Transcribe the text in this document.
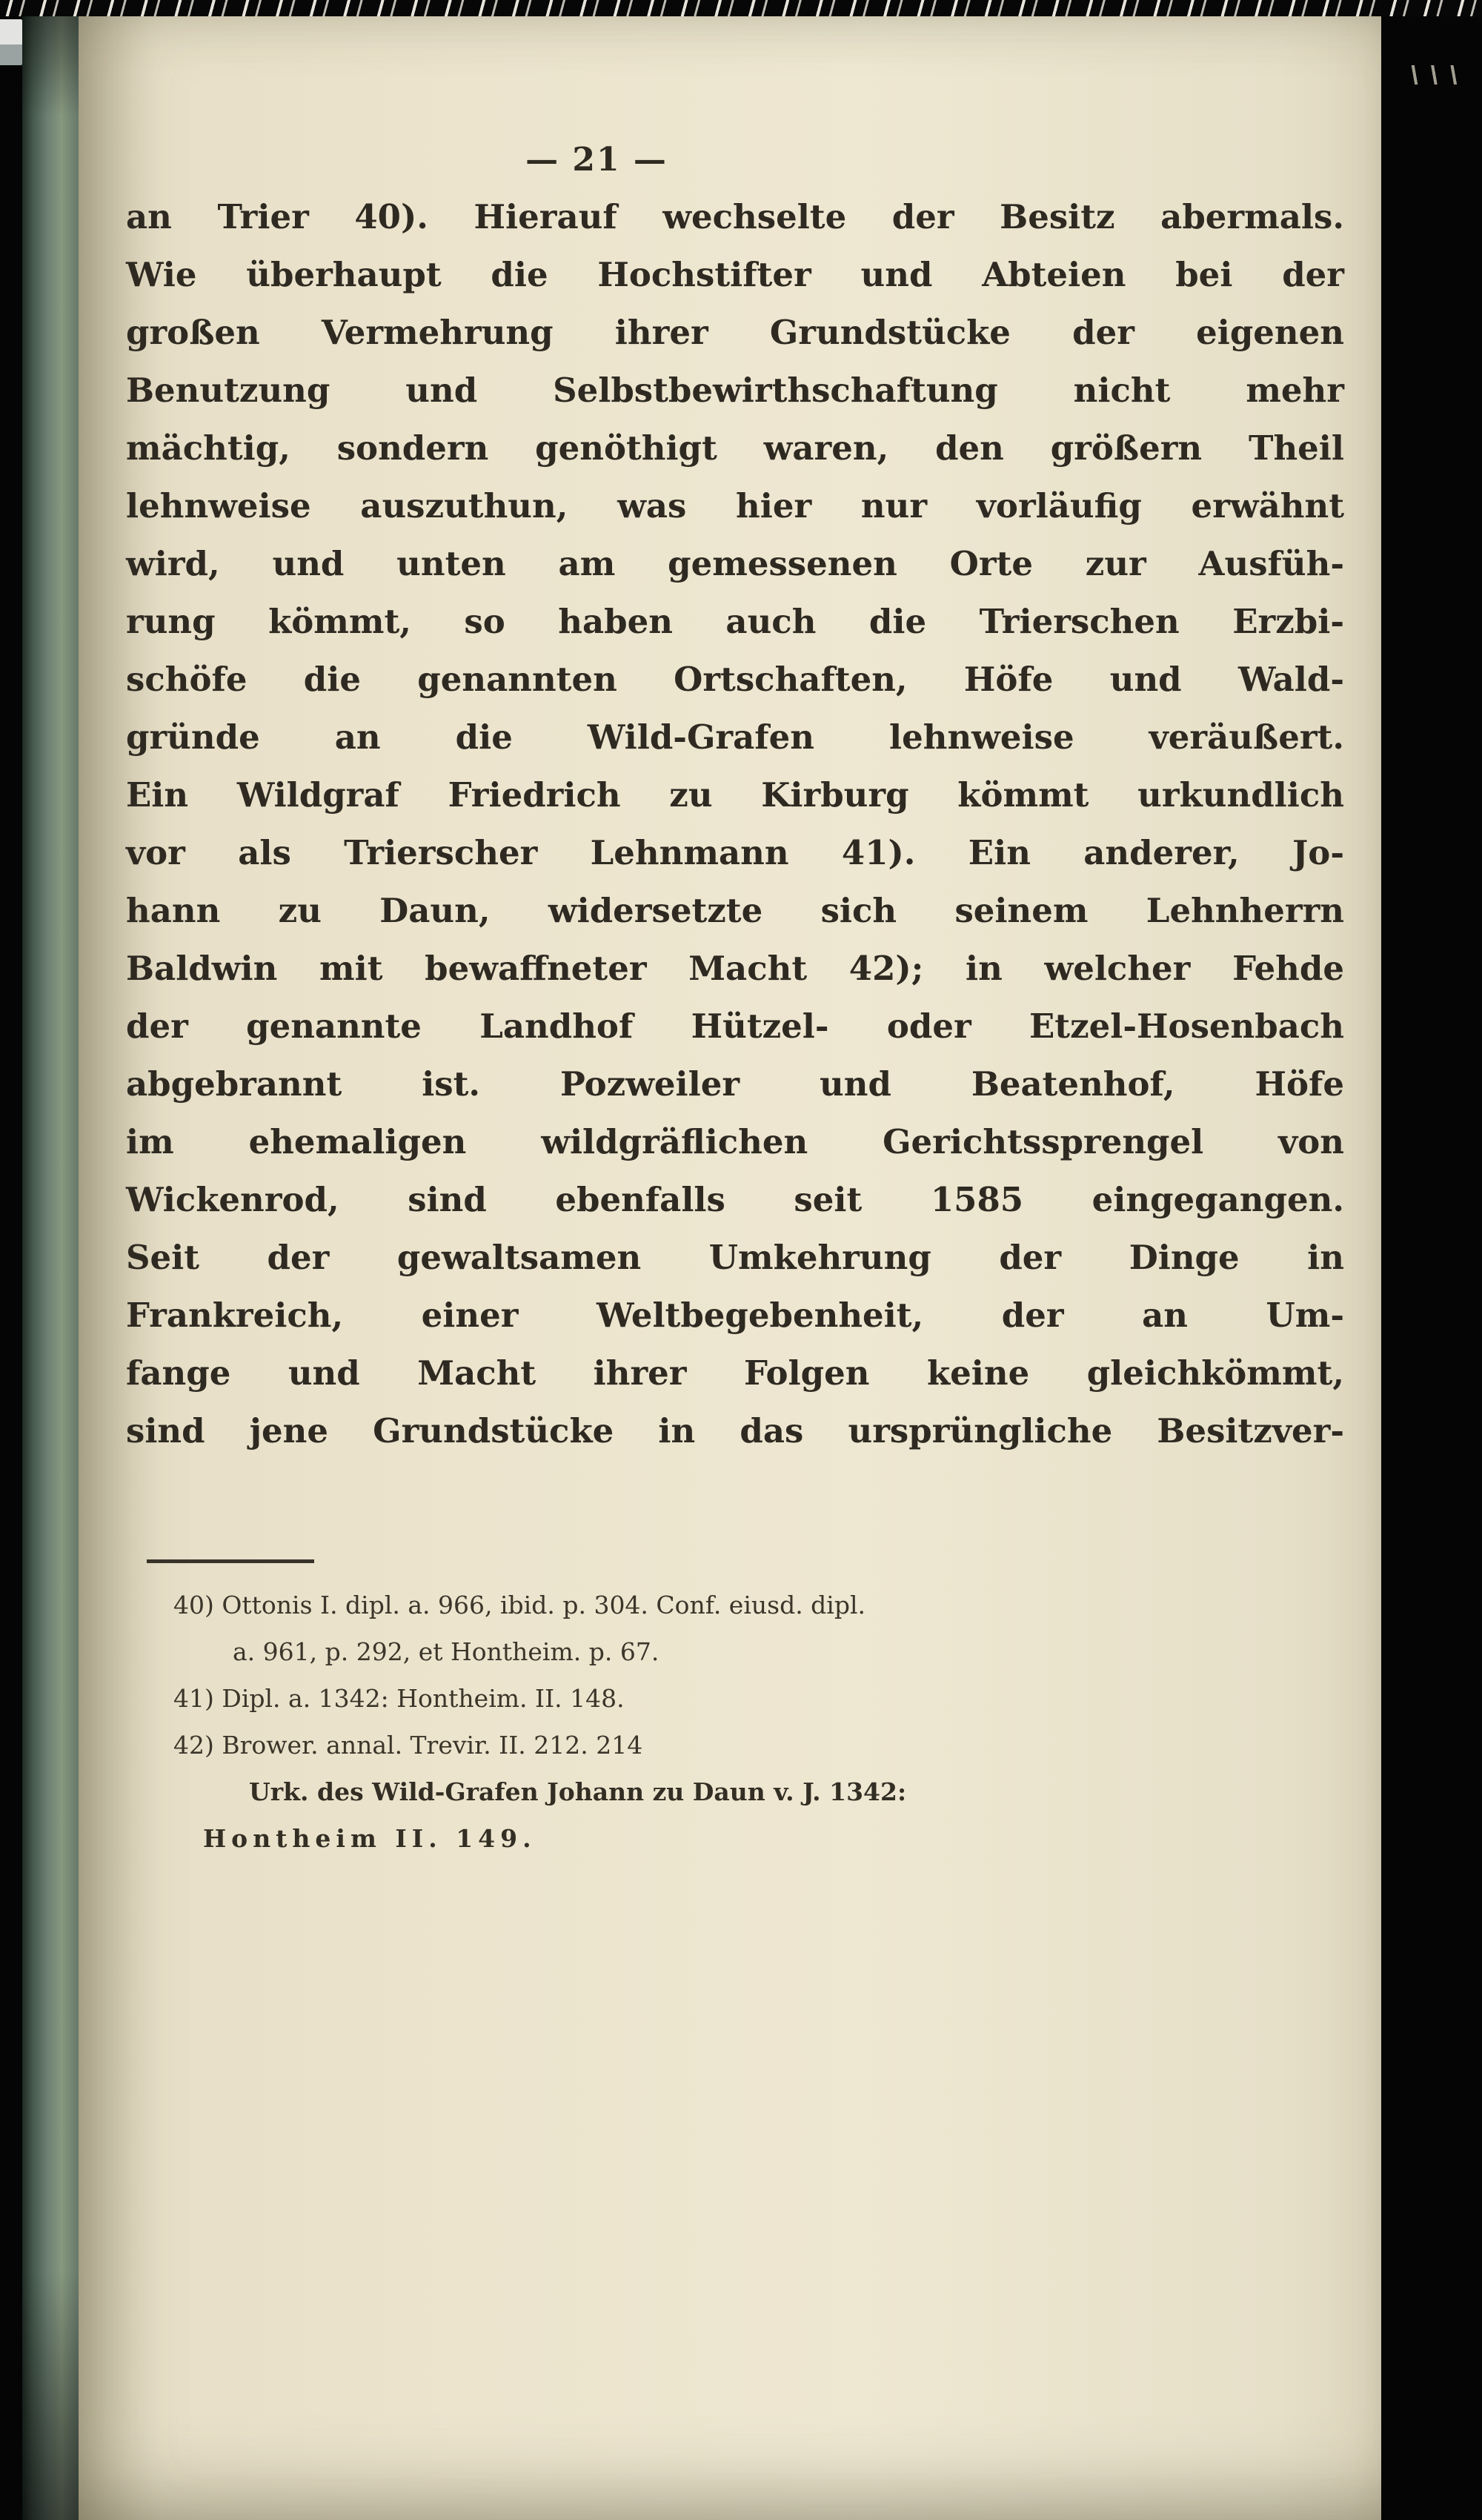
— 21 —
an Trier 40). Hierauf wechselte der Besitz abermals.
Wie überhaupt die Hochstifter und Abteien bei der
großen Vermehrung ihrer Grundstücke der eigenen
Benutzung und Selbstbewirthschaftung nicht mehr
mächtig, sondern genöthigt waren, den größern Theil
lehnweise auszuthun, was hier nur vorläufig erwähnt
wird, und unten am gemessenen Orte zur Ausfüh-
rung kömmt, so haben auch die Trierschen Erzbi-
schöfe die genannten Ortschaften, Höfe und Wald-
gründe an die Wild-Grafen lehnweise veräußert.
Ein Wildgraf Friedrich zu Kirburg kömmt urkundlich
vor als Trierscher Lehnmann 41). Ein anderer, Jo-
hann zu Daun, widersetzte sich seinem Lehnherrn
Baldwin mit bewaffneter Macht 42); in welcher Fehde
der genannte Landhof Hützel- oder Etzel-Hosenbach
abgebrannt ist. Pozweiler und Beatenhof, Höfe
im ehemaligen wildgräflichen Gerichtssprengel von
Wickenrod, sind ebenfalls seit 1585 eingegangen.
Seit der gewaltsamen Umkehrung der Dinge in
Frankreich, einer Weltbegebenheit, der an Um-
fange und Macht ihrer Folgen keine gleichkömmt,
sind jene Grundstücke in das ursprüngliche Besitzver-
40) Ottonis I. dipl. a. 966, ibid. p. 304. Conf. eiusd. dipl.
a. 961, p. 292, et Hontheim. p. 67.
41) Dipl. a. 1342: Hontheim. II. 148.
42) Brower. annal. Trevir. II. 212. 214
Urk. des Wild-Grafen Johann zu Daun v. J. 1342:
Hontheim II. 149.
